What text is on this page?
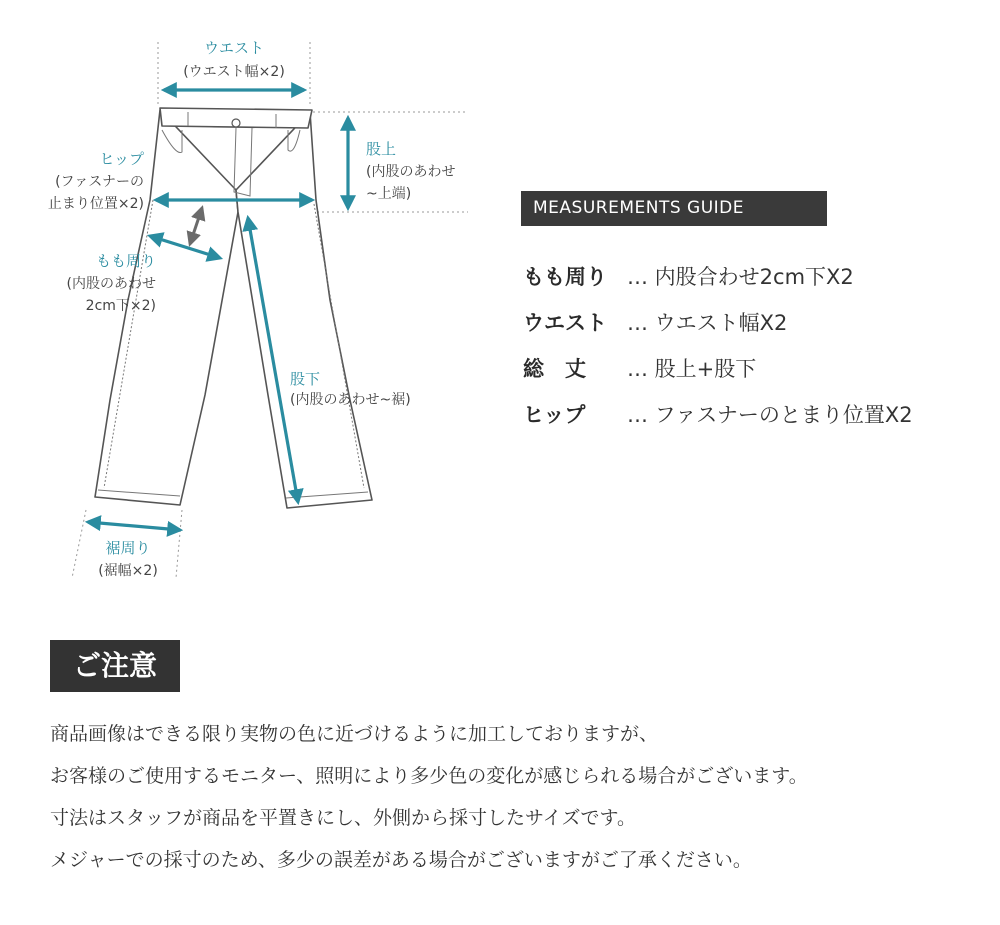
ウエスト
(ウエスト幅×2)
股上
(内股のあわせ
~上端)
ヒップ
(ファスナーの
止まり位置×2)
もも周り
(内股のあわせ
2cm下×2)
股下
(内股のあわせ~裾)
裾周り
(裾幅×2)
MEASUREMENTS GUIDE
もも周り … 内股合わせ2cm下X2
ウエスト … ウエスト幅X2
総　丈 … 股上+股下
ヒップ … ファスナーのとまり位置X2
ご注意
商品画像はできる限り実物の色に近づけるように加工しておりますが、
お客様のご使用するモニター、照明により多少色の変化が感じられる場合がございます。
寸法はスタッフが商品を平置きにし、外側から採寸したサイズです。
メジャーでの採寸のため、多少の誤差がある場合がございますがご了承ください。
